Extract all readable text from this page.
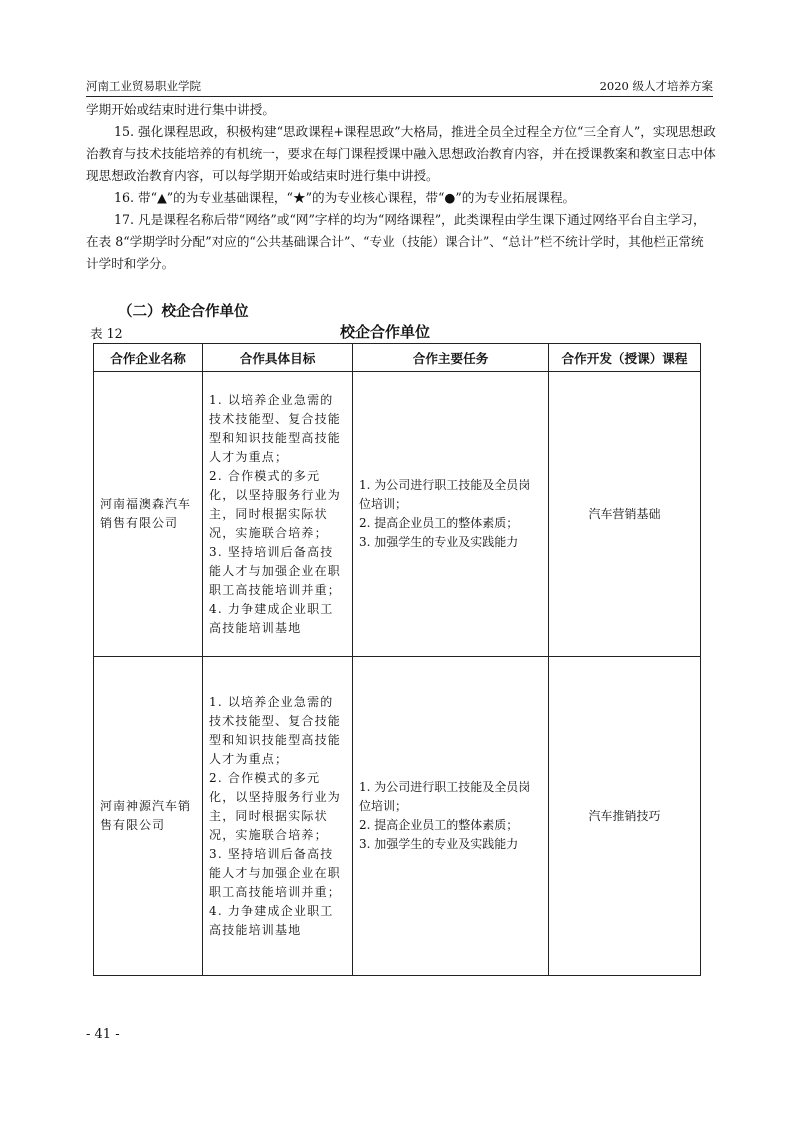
河南工业贸易职业学院	2020 级人才培养方案
学期开始或结束时进行集中讲授。
15. 强化课程思政，积极构建“思政课程+课程思政”大格局，推进全员全过程全方位“三全育人”，实现思想政治教育与技术技能培养的有机统一，要求在每门课程授课中融入思想政治教育内容，并在授课教案和教室日志中体现思想政治教育内容，可以每学期开始或结束时进行集中讲授。
16. 带“▲”的为专业基础课程，“★”的为专业核心课程，带“●”的为专业拓展课程。
17. 凡是课程名称后带“网络”或“网”字样的均为“网络课程”，此类课程由学生课下通过网络平台自主学习，在表 8“学期学时分配”对应的“公共基础课合计”、“专业（技能）课合计”、“总计”栏不统计学时，其他栏正常统计学时和学分。
（二）校企合作单位
表 12	校企合作单位
合作企业名称	合作具体目标	合作主要任务	合作开发（授课）课程
河南福澳森汽车销售有限公司	1. 以培养企业急需的技术技能型、复合技能型和知识技能型高技能人才为重点；
2. 合作模式的多元化，以坚持服务行业为主，同时根据实际状况，实施联合培养；
3. 坚持培训后备高技能人才与加强企业在职职工高技能培训并重；
4. 力争建成企业职工高技能培训基地	1. 为公司进行职工技能及全员岗位培训；
2. 提高企业员工的整体素质；
3. 加强学生的专业及实践能力	汽车营销基础
河南神源汽车销售有限公司	1. 以培养企业急需的技术技能型、复合技能型和知识技能型高技能人才为重点；
2. 合作模式的多元化，以坚持服务行业为主，同时根据实际状况，实施联合培养；
3. 坚持培训后备高技能人才与加强企业在职职工高技能培训并重；
4. 力争建成企业职工高技能培训基地	1. 为公司进行职工技能及全员岗位培训；
2. 提高企业员工的整体素质；
3. 加强学生的专业及实践能力	汽车推销技巧
- 41 -
